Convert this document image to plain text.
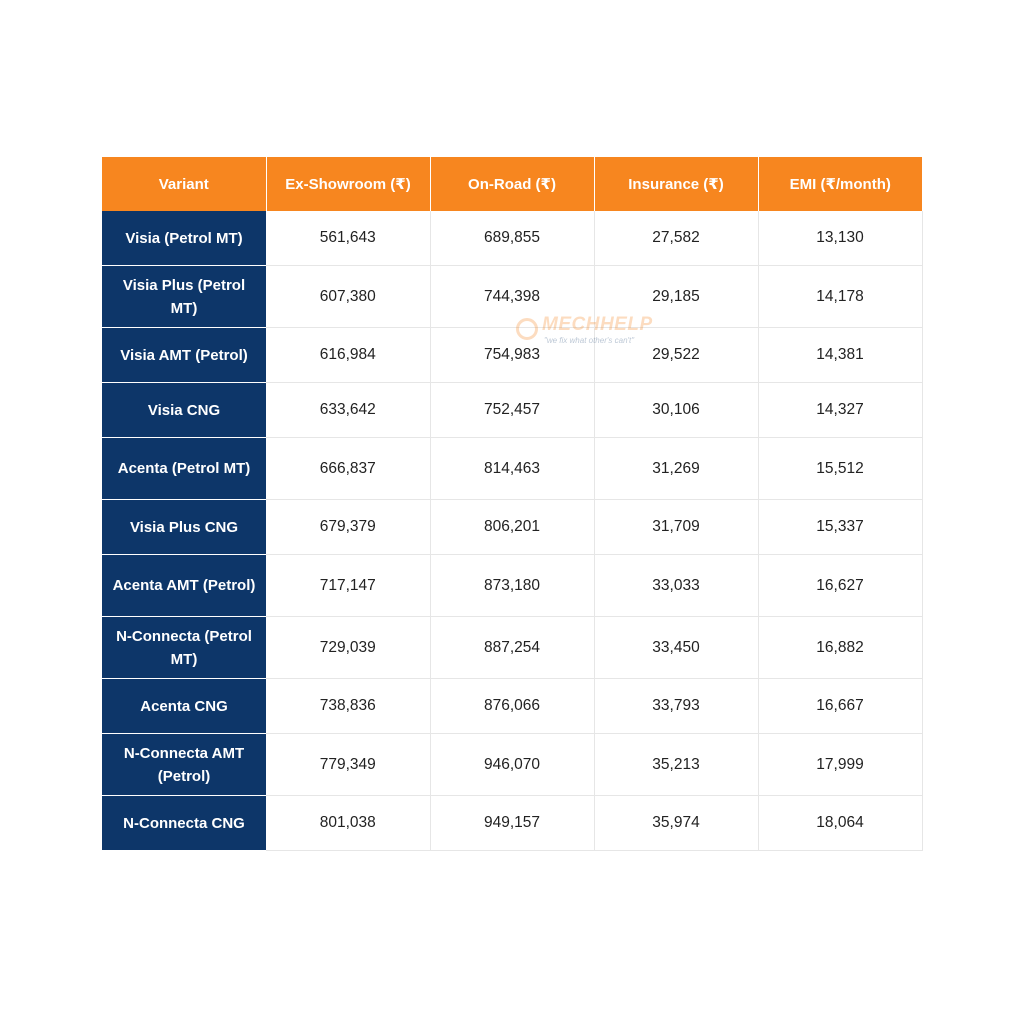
Variant	Ex-Showroom (₹)	On-Road (₹)	Insurance (₹)	EMI (₹/month)
Visia (Petrol MT)	561,643	689,855	27,582	13,130
Visia Plus (Petrol MT)	607,380	744,398	29,185	14,178
Visia AMT (Petrol)	616,984	754,983	29,522	14,381
Visia CNG	633,642	752,457	30,106	14,327
Acenta (Petrol MT)	666,837	814,463	31,269	15,512
Visia Plus CNG	679,379	806,201	31,709	15,337
Acenta AMT (Petrol)	717,147	873,180	33,033	16,627
N-Connecta (Petrol MT)	729,039	887,254	33,450	16,882
Acenta CNG	738,836	876,066	33,793	16,667
N-Connecta AMT (Petrol)	779,349	946,070	35,213	17,999
N-Connecta CNG	801,038	949,157	35,974	18,064
MECHHELP
"we fix what other's can't"
